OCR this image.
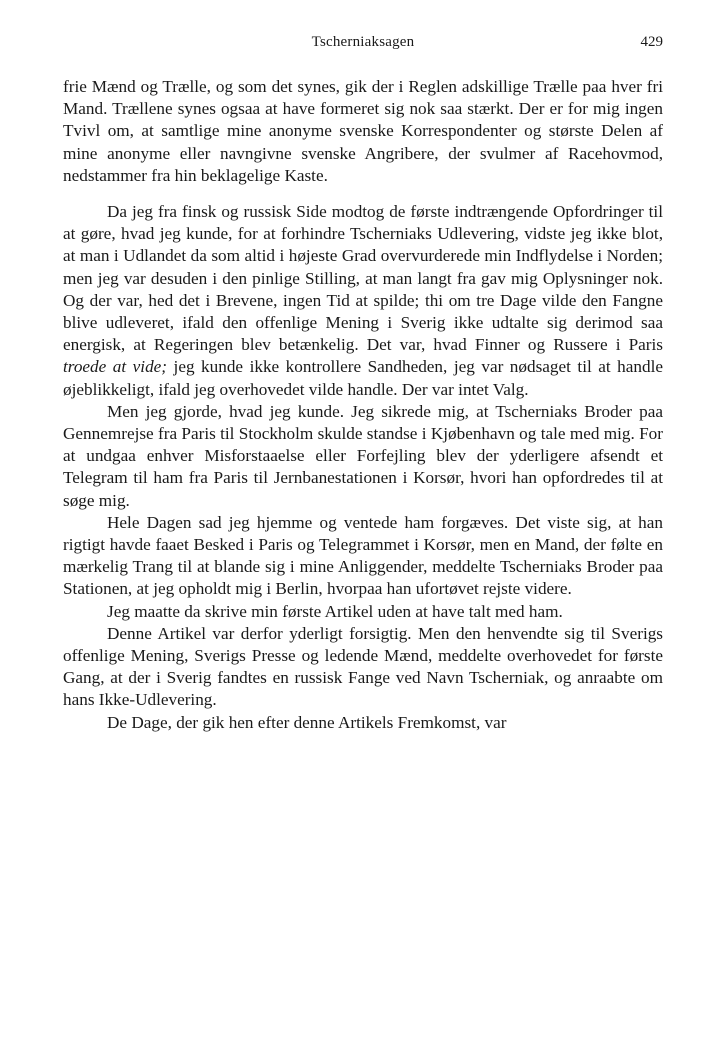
Tscherniaksagen	429

frie Mænd og Trælle, og som det synes, gik der i Reglen adskillige Trælle paa hver fri Mand. Trællene synes ogsaa at have formeret sig nok saa stærkt. Der er for mig ingen Tvivl om, at samtlige mine anonyme svenske Korrespondenter og største Delen af mine anonyme eller navngivne svenske Angribere, der svulmer af Racehovmod, nedstammer fra hin beklagelige Kaste.

Da jeg fra finsk og russisk Side modtog de første indtrængende Opfordringer til at gøre, hvad jeg kunde, for at forhindre Tscherniaks Udlevering, vidste jeg ikke blot, at man i Udlandet da som altid i højeste Grad overvurderede min Indflydelse i Norden; men jeg var desuden i den pinlige Stilling, at man langt fra gav mig Oplysninger nok. Og der var, hed det i Brevene, ingen Tid at spilde; thi om tre Dage vilde den Fangne blive udleveret, ifald den offenlige Mening i Sverig ikke udtalte sig derimod saa energisk, at Regeringen blev betænkelig. Det var, hvad Finner og Russere i Paris troede at vide; jeg kunde ikke kontrollere Sandheden, jeg var nødsaget til at handle øjeblikkeligt, ifald jeg overhovedet vilde handle. Der var intet Valg.

Men jeg gjorde, hvad jeg kunde. Jeg sikrede mig, at Tscherniaks Broder paa Gennemrejse fra Paris til Stockholm skulde standse i Kjøbenhavn og tale med mig. For at undgaa enhver Misforstaaelse eller Forfejling blev der yderligere afsendt et Telegram til ham fra Paris til Jernbanestationen i Korsør, hvori han opfordredes til at søge mig.

Hele Dagen sad jeg hjemme og ventede ham forgæves. Det viste sig, at han rigtigt havde faaet Besked i Paris og Telegrammet i Korsør, men en Mand, der følte en mærkelig Trang til at blande sig i mine Anliggender, meddelte Tscherniaks Broder paa Stationen, at jeg opholdt mig i Berlin, hvorpaa han ufortøvet rejste videre.

Jeg maatte da skrive min første Artikel uden at have talt med ham.

Denne Artikel var derfor yderligt forsigtig. Men den henvendte sig til Sverigs offenlige Mening, Sverigs Presse og ledende Mænd, meddelte overhovedet for første Gang, at der i Sverig fandtes en russisk Fange ved Navn Tscherniak, og anraabte om hans Ikke-Udlevering.

De Dage, der gik hen efter denne Artikels Fremkomst, var
